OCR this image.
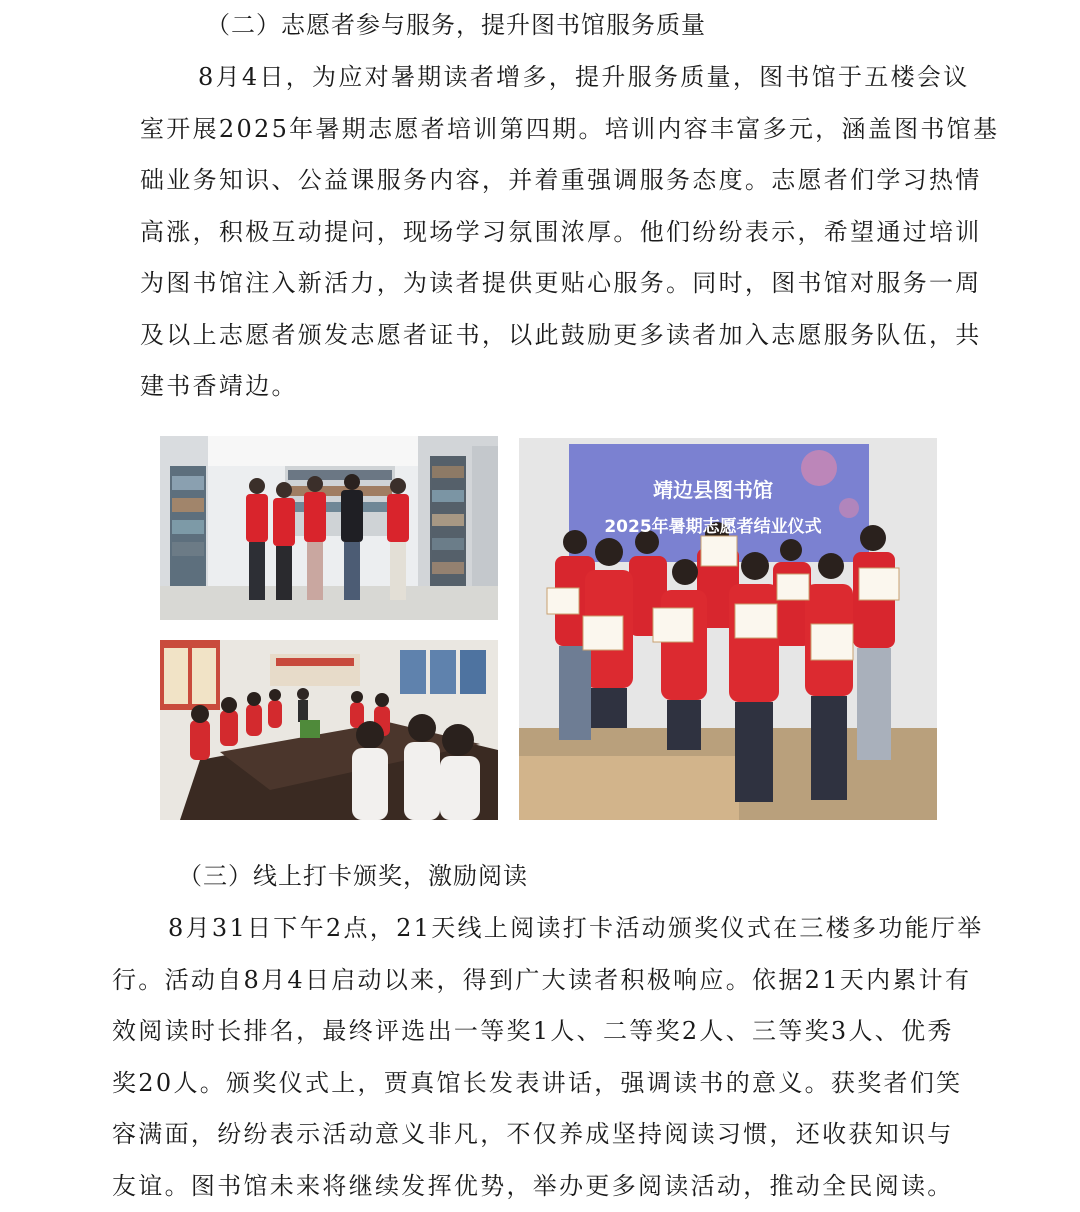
（二）志愿者参与服务，提升图书馆服务质量
8月4日，为应对暑期读者增多，提升服务质量，图书馆于五楼会议
室开展2025年暑期志愿者培训第四期。培训内容丰富多元，涵盖图书馆基
础业务知识、公益课服务内容，并着重强调服务态度。志愿者们学习热情
高涨，积极互动提问，现场学习氛围浓厚。他们纷纷表示，希望通过培训
为图书馆注入新活力，为读者提供更贴心服务。同时，图书馆对服务一周
及以上志愿者颁发志愿者证书，以此鼓励更多读者加入志愿服务队伍，共
建书香靖边。
靖边县图书馆
2025年暑期志愿者结业仪式
（三）线上打卡颁奖，激励阅读
8月31日下午2点，21天线上阅读打卡活动颁奖仪式在三楼多功能厅举
行。活动自8月4日启动以来，得到广大读者积极响应。依据21天内累计有
效阅读时长排名，最终评选出一等奖1人、二等奖2人、三等奖3人、优秀
奖20人。颁奖仪式上，贾真馆长发表讲话，强调读书的意义。获奖者们笑
容满面，纷纷表示活动意义非凡，不仅养成坚持阅读习惯，还收获知识与
友谊。图书馆未来将继续发挥优势，举办更多阅读活动，推动全民阅读。
